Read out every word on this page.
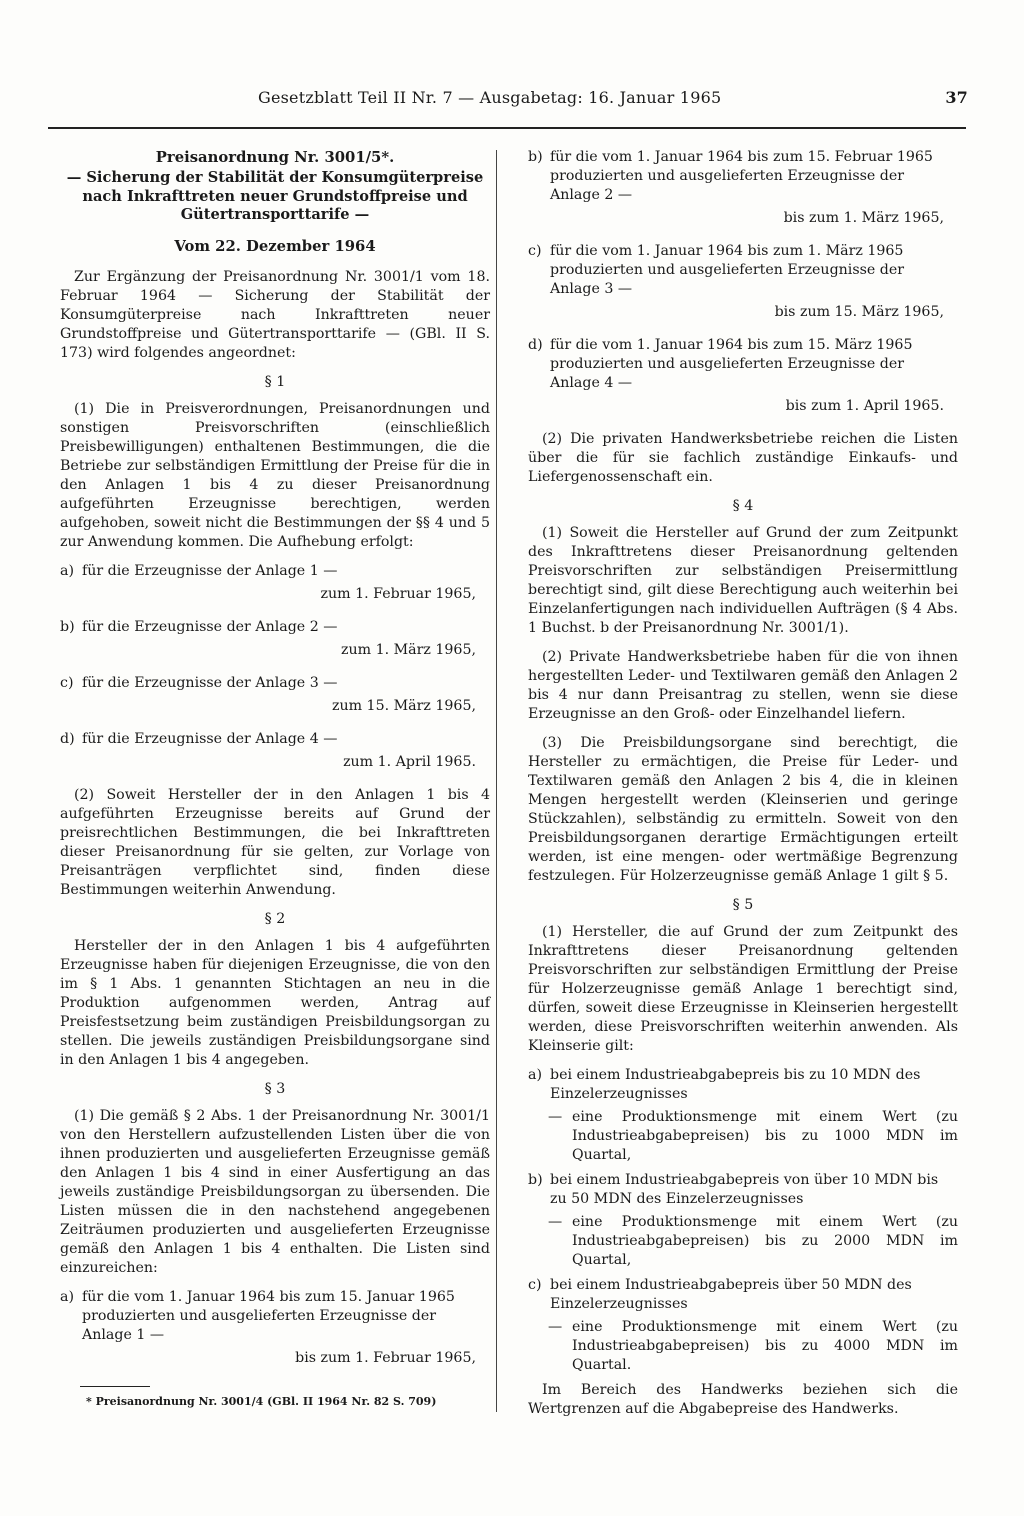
Gesetzblatt Teil II Nr. 7 — Ausgabetag: 16. Januar 1965	37

Preisanordnung Nr. 3001/5*.

— Sicherung der Stabilität der Konsumgüterpreise nach Inkrafttreten neuer Grundstoffpreise und Gütertransporttarife —

Vom 22. Dezember 1964

Zur Ergänzung der Preisanordnung Nr. 3001/1 vom 18. Februar 1964 — Sicherung der Stabilität der Konsumgüterpreise nach Inkrafttreten neuer Grundstoffpreise und Gütertransporttarife — (GBl. II S. 173) wird folgendes angeordnet:

§ 1

(1) Die in Preisverordnungen, Preisanordnungen und sonstigen Preisvorschriften (einschließlich Preisbewilligungen) enthaltenen Bestimmungen, die die Betriebe zur selbständigen Ermittlung der Preise für die in den Anlagen 1 bis 4 zu dieser Preisanordnung aufgeführten Erzeugnisse berechtigen, werden aufgehoben, soweit nicht die Bestimmungen der §§ 4 und 5 zur Anwendung kommen. Die Aufhebung erfolgt:

a) für die Erzeugnisse der Anlage 1 —
zum 1. Februar 1965,
b) für die Erzeugnisse der Anlage 2 —
zum 1. März 1965,
c) für die Erzeugnisse der Anlage 3 —
zum 15. März 1965,
d) für die Erzeugnisse der Anlage 4 —
zum 1. April 1965.

(2) Soweit Hersteller der in den Anlagen 1 bis 4 aufgeführten Erzeugnisse bereits auf Grund der preisrechtlichen Bestimmungen, die bei Inkrafttreten dieser Preisanordnung für sie gelten, zur Vorlage von Preisanträgen verpflichtet sind, finden diese Bestimmungen weiterhin Anwendung.

§ 2

Hersteller der in den Anlagen 1 bis 4 aufgeführten Erzeugnisse haben für diejenigen Erzeugnisse, die von den im § 1 Abs. 1 genannten Stichtagen an neu in die Produktion aufgenommen werden, Antrag auf Preisfestsetzung beim zuständigen Preisbildungsorgan zu stellen. Die jeweils zuständigen Preisbildungsorgane sind in den Anlagen 1 bis 4 angegeben.

§ 3

(1) Die gemäß § 2 Abs. 1 der Preisanordnung Nr. 3001/1 von den Herstellern aufzustellenden Listen über die von ihnen produzierten und ausgelieferten Erzeugnisse gemäß den Anlagen 1 bis 4 sind in einer Ausfertigung an das jeweils zuständige Preisbildungsorgan zu übersenden. Die Listen müssen die in den nachstehend angegebenen Zeiträumen produzierten und ausgelieferten Erzeugnisse gemäß den Anlagen 1 bis 4 enthalten. Die Listen sind einzureichen:

a) für die vom 1. Januar 1964 bis zum 15. Januar 1965 produzierten und ausgelieferten Erzeugnisse der Anlage 1 —
bis zum 1. Februar 1965,
* Preisanordnung Nr. 3001/4 (GBl. II 1964 Nr. 82 S. 709)
b) für die vom 1. Januar 1964 bis zum 15. Februar 1965 produzierten und ausgelieferten Erzeugnisse der Anlage 2 —
bis zum 1. März 1965,
c) für die vom 1. Januar 1964 bis zum 1. März 1965 produzierten und ausgelieferten Erzeugnisse der Anlage 3 —
bis zum 15. März 1965,
d) für die vom 1. Januar 1964 bis zum 15. März 1965 produzierten und ausgelieferten Erzeugnisse der Anlage 4 —
bis zum 1. April 1965.

(2) Die privaten Handwerksbetriebe reichen die Listen über die für sie fachlich zuständige Einkaufs- und Liefergenossenschaft ein.

§ 4

(1) Soweit die Hersteller auf Grund der zum Zeitpunkt des Inkrafttretens dieser Preisanordnung geltenden Preisvorschriften zur selbständigen Preisermittlung berechtigt sind, gilt diese Berechtigung auch weiterhin bei Einzelanfertigungen nach individuellen Aufträgen (§ 4 Abs. 1 Buchst. b der Preisanordnung Nr. 3001/1).

(2) Private Handwerksbetriebe haben für die von ihnen hergestellten Leder- und Textilwaren gemäß den Anlagen 2 bis 4 nur dann Preisantrag zu stellen, wenn sie diese Erzeugnisse an den Groß- oder Einzelhandel liefern.

(3) Die Preisbildungsorgane sind berechtigt, die Hersteller zu ermächtigen, die Preise für Leder- und Textilwaren gemäß den Anlagen 2 bis 4, die in kleinen Mengen hergestellt werden (Kleinserien und geringe Stückzahlen), selbständig zu ermitteln. Soweit von den Preisbildungsorganen derartige Ermächtigungen erteilt werden, ist eine mengen- oder wertmäßige Begrenzung festzulegen. Für Holzerzeugnisse gemäß Anlage 1 gilt § 5.

§ 5

(1) Hersteller, die auf Grund der zum Zeitpunkt des Inkrafttretens dieser Preisanordnung geltenden Preisvorschriften zur selbständigen Ermittlung der Preise für Holzerzeugnisse gemäß Anlage 1 berechtigt sind, dürfen, soweit diese Erzeugnisse in Kleinserien hergestellt werden, diese Preisvorschriften weiterhin anwenden. Als Kleinserie gilt:

a) bei einem Industrieabgabepreis bis zu 10 MDN des Einzelerzeugnisses
— eine Produktionsmenge mit einem Wert (zu Industrieabgabepreisen) bis zu 1000 MDN im Quartal,
b) bei einem Industrieabgabepreis von über 10 MDN bis zu 50 MDN des Einzelerzeugnisses
— eine Produktionsmenge mit einem Wert (zu Industrieabgabepreisen) bis zu 2000 MDN im Quartal,
c) bei einem Industrieabgabepreis über 50 MDN des Einzelerzeugnisses
— eine Produktionsmenge mit einem Wert (zu Industrieabgabepreisen) bis zu 4000 MDN im Quartal.

Im Bereich des Handwerks beziehen sich die Wertgrenzen auf die Abgabepreise des Handwerks.
